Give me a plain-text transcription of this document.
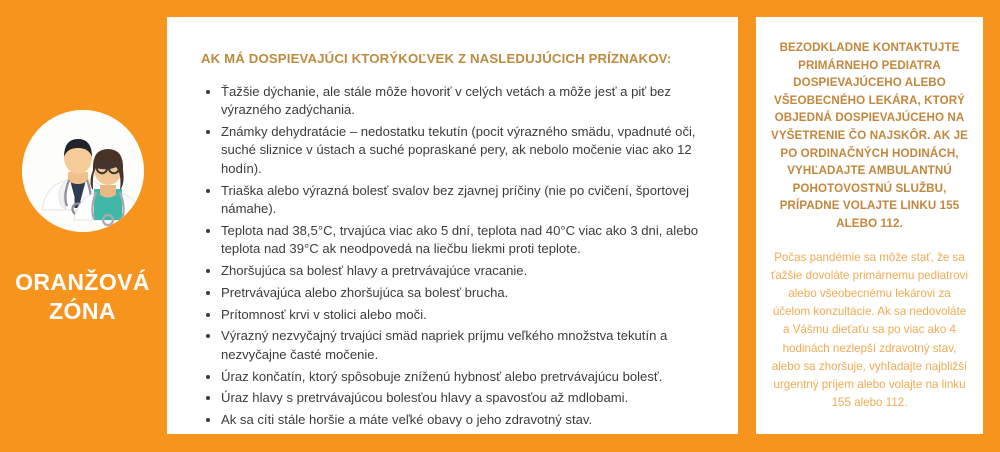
ORANŽOVÁ
ZÓNA
AK MÁ DOSPIEVAJÚCI KTORÝKOĽVEK Z NASLEDUJÚCICH PRÍZNAKOV:
Ťažšie dýchanie, ale stále môže hovoriť v celých vetách a môže jesť a piť bez výrazného zadýchania.
Známky dehydratácie – nedostatku tekutín (pocit výrazného smädu, vpadnuté oči, suché sliznice v ústach a suché popraskané pery, ak nebolo močenie viac ako 12 hodín).
Triaška alebo výrazná bolesť svalov bez zjavnej príčiny (nie po cvičení, športovej námahe).
Teplota nad 38,5°C, trvajúca viac ako 5 dní, teplota nad 40°C viac ako 3 dni, alebo teplota nad 39°C ak neodpovedá na liečbu liekmi proti teplote.
Zhoršujúca sa bolesť hlavy a pretrvávajúce vracanie.
Pretrvávajúca alebo zhoršujúca sa bolesť brucha.
Prítomnosť krvi v stolici alebo moči.
Výrazný nezvyčajný trvajúci smäd napriek príjmu veľkého množstva tekutín a nezvyčajne časté močenie.
Úraz končatín, ktorý spôsobuje zníženú hybnosť alebo pretrvávajúcu bolesť.
Úraz hlavy s pretrvávajúcou bolesťou hlavy a spavosťou až mdlobami.
Ak sa cíti stále horšie a máte veľké obavy o jeho zdravotný stav.

BEZODKLADNE KONTAKTUJTE PRIMÁRNEHO PEDIATRA DOSPIEVAJÚCEHO ALEBO VŠEOBECNÉHO LEKÁRA, KTORÝ OBJEDNÁ DOSPIEVAJÚCEHO NA VYŠETRENIE ČO NAJSKÔR. AK JE PO ORDINAČNÝCH HODINÁCH, VYHĽADAJTE AMBULANTNÚ POHOTOVOSTNÚ SLUŽBU, PRÍPADNE VOLAJTE LINKU 155 ALEBO 112.

Počas pandémie sa môže stať, že sa ťažšie dovoláte primárnemu pediatrovi alebo všeobecnému lekárovi za účelom konzultácie. Ak sa nedovoláte a Vášmu dieťaťu sa po viac ako 4 hodinách nezlepší zdravotný stav, alebo sa zhoršuje, vyhľadajte najbližší urgentný príjem alebo volajte na linku 155 alebo 112.
